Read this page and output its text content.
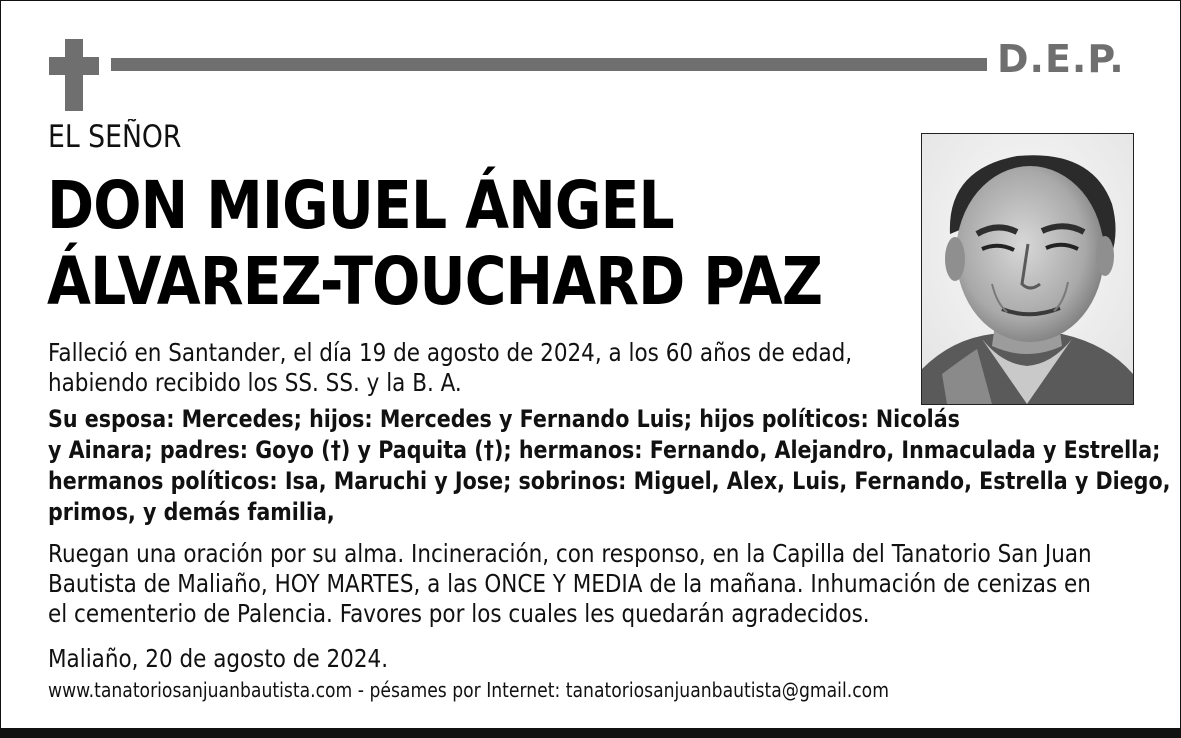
D.E.P.
EL SEÑOR
DON MIGUEL ÁNGEL
ÁLVAREZ-TOUCHARD PAZ
Falleció en Santander, el día 19 de agosto de 2024, a los 60 años de edad,
habiendo recibido los SS. SS. y la B. A.
Su esposa: Mercedes; hijos: Mercedes y Fernando Luis; hijos políticos: Nicolás
y Ainara; padres: Goyo (†) y Paquita (†); hermanos: Fernando, Alejandro, Inmaculada y Estrella;
hermanos políticos: Isa, Maruchi y Jose; sobrinos: Miguel, Alex, Luis, Fernando, Estrella y Diego,
primos, y demás familia,
Ruegan una oración por su alma. Incineración, con responso, en la Capilla del Tanatorio San Juan
Bautista de Maliaño, HOY MARTES, a las ONCE Y MEDIA de la mañana. Inhumación de cenizas en
el cementerio de Palencia. Favores por los cuales les quedarán agradecidos.
Maliaño, 20 de agosto de 2024.
www.tanatoriosanjuanbautista.com - pésames por Internet: tanatoriosanjuanbautista@gmail.com
